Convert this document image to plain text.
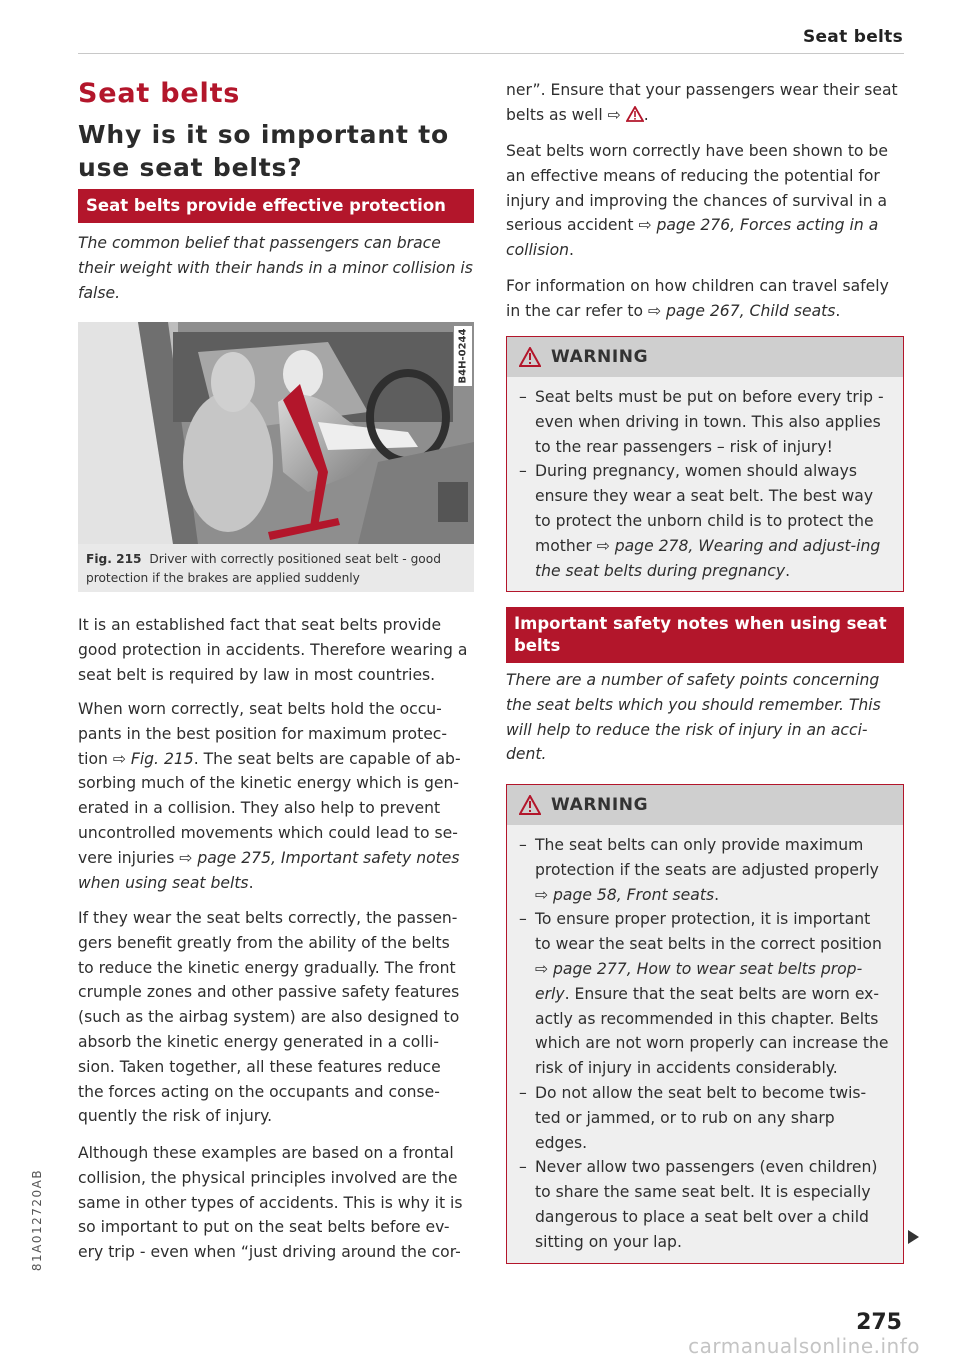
Seat belts
81A012720AB
Seat belts
Why is it so important to use seat belts?
Seat belts provide effective protection

The common belief that passengers can brace their weight with their hands in a minor collision is false.

B4H-0244
Fig. 215 Driver with correctly positioned seat belt - good protection if the brakes are applied suddenly

It is an established fact that seat belts provide good protection in accidents. Therefore wearing a seat belt is required by law in most countries.

When worn correctly, seat belts hold the occu-pants in the best position for maximum protec-tion ⇨ Fig. 215. The seat belts are capable of ab-sorbing much of the kinetic energy which is gen-erated in a collision. They also help to prevent uncontrolled movements which could lead to se-vere injuries ⇨ page 275, Important safety notes when using seat belts.

If they wear the seat belts correctly, the passen-gers benefit greatly from the ability of the belts to reduce the kinetic energy gradually. The front crumple zones and other passive safety features (such as the airbag system) are also designed to absorb the kinetic energy generated in a colli-sion. Taken together, all these features reduce the forces acting on the occupants and conse-quently the risk of injury.

Although these examples are based on a frontal collision, the physical principles involved are the same in other types of accidents. This is why it is so important to put on the seat belts before ev-ery trip - even when “just driving around the cor-

ner”. Ensure that your passengers wear their seat belts as well ⇨ .

Seat belts worn correctly have been shown to be an effective means of reducing the potential for injury and improving the chances of survival in a serious accident ⇨ page 276, Forces acting in a collision.

For information on how children can travel safely in the car refer to ⇨ page 267, Child seats.

WARNING
– Seat belts must be put on before every trip - even when driving in town. This also applies to the rear passengers – risk of injury!
– During pregnancy, women should always ensure they wear a seat belt. The best way to protect the unborn child is to protect the mother ⇨ page 278, Wearing and adjust-ing the seat belts during pregnancy.
Important safety notes when using seat belts

There are a number of safety points concerning the seat belts which you should remember. This will help to reduce the risk of injury in an acci-dent.

WARNING
– The seat belts can only provide maximum protection if the seats are adjusted properly ⇨ page 58, Front seats.
– To ensure proper protection, it is important to wear the seat belts in the correct position ⇨ page 277, How to wear seat belts prop-erly. Ensure that the seat belts are worn ex-actly as recommended in this chapter. Belts which are not worn properly can increase the risk of injury in accidents considerably.
– Do not allow the seat belt to become twis-ted or jammed, or to rub on any sharp edges.
– Never allow two passengers (even children) to share the same seat belt. It is especially dangerous to place a seat belt over a child sitting on your lap.
275
carmanualsonline.info
